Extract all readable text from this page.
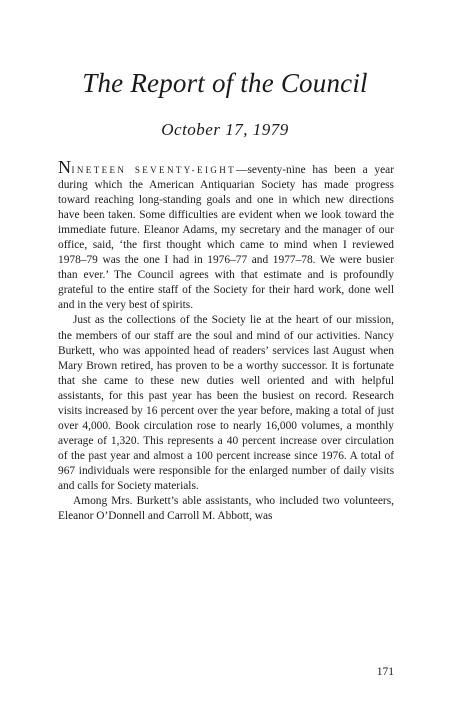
The Report of the Council
October 17, 1979

NINETEEN SEVENTY-EIGHT—seventy-nine has been a year during which the American Antiquarian Society has made progress toward reaching long-standing goals and one in which new directions have been taken. Some difficulties are evident when we look toward the immediate future. Eleanor Adams, my secretary and the manager of our office, said, ‘the first thought which came to mind when I reviewed 1978–79 was the one I had in 1976–77 and 1977–78. We were busier than ever.’ The Council agrees with that estimate and is profoundly grateful to the entire staff of the Society for their hard work, done well and in the very best of spirits.

Just as the collections of the Society lie at the heart of our mission, the members of our staff are the soul and mind of our activities. Nancy Burkett, who was appointed head of readers’ services last August when Mary Brown retired, has proven to be a worthy successor. It is fortunate that she came to these new duties well oriented and with helpful assistants, for this past year has been the busiest on record. Research visits increased by 16 percent over the year before, making a total of just over 4,000. Book circulation rose to nearly 16,000 volumes, a monthly average of 1,320. This represents a 40 percent increase over circulation of the past year and almost a 100 percent increase since 1976. A total of 967 individuals were responsible for the enlarged number of daily visits and calls for Society materials.

Among Mrs. Burkett’s able assistants, who included two volunteers, Eleanor O’Donnell and Carroll M. Abbott, was

171
